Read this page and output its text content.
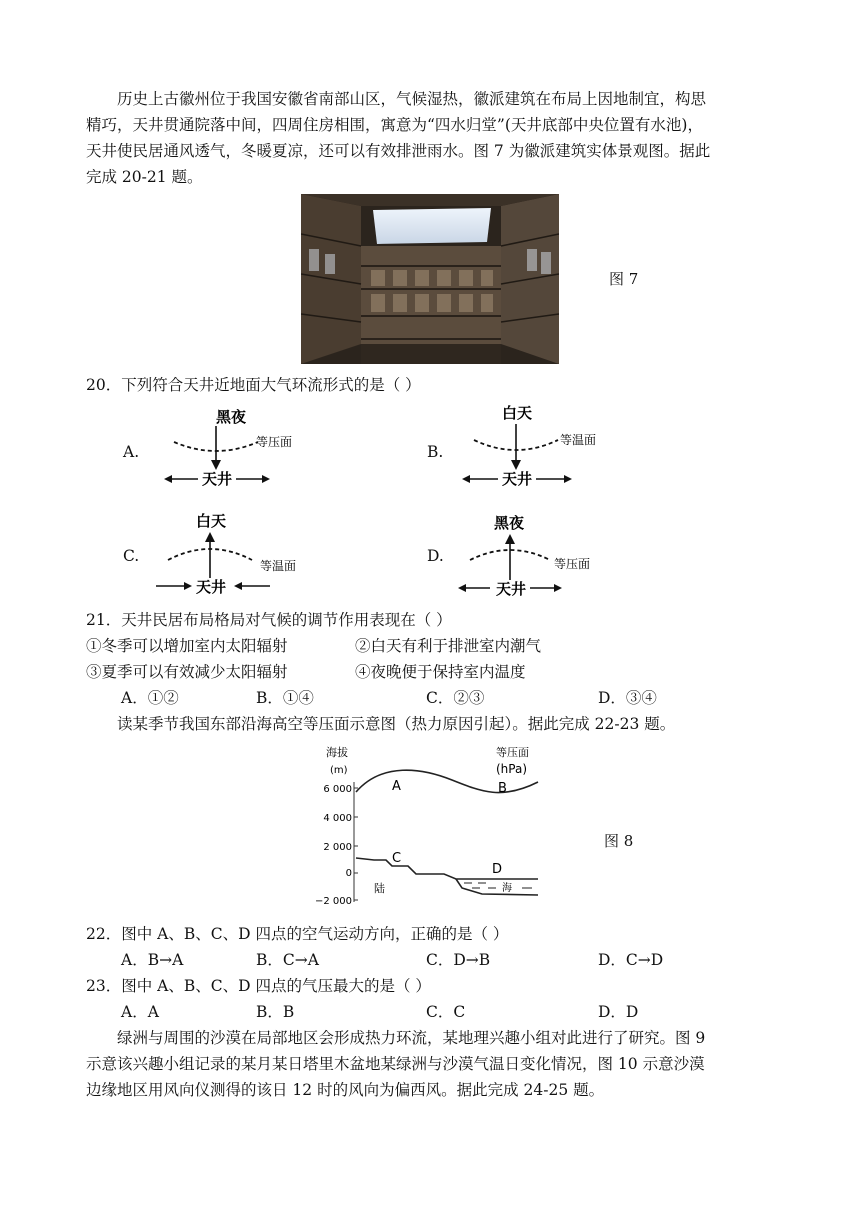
历史上古徽州位于我国安徽省南部山区，气候湿热，徽派建筑在布局上因地制宜，构思
精巧，天井贯通院落中间，四周住房相围，寓意为“四水归堂”(天井底部中央位置有水池)，
天井使民居通风透气，冬暖夏凉，还可以有效排泄雨水。图 7 为徽派建筑实体景观图。据此
完成 20-21 题。
图 7
20．下列符合天井近地面大气环流形式的是（ ）
A.
黑夜
等压面
天井
B.
白天
等温面
天井
C.
白天
等温面
天井
D.
黑夜
等压面
天井
21．天井民居布局格局对气候的调节作用表现在（ ）
①冬季可以增加室内太阳辐射	②白天有利于排泄室内潮气
③夏季可以有效减少太阳辐射	④夜晚便于保持室内温度
A．①②	B．①④	C．②③	D．③④
读某季节我国东部沿海高空等压面示意图（热力原因引起）。据此完成 22-23 题。
海拔
(m)
等压面
(hPa)
6 000
4 000
2 000
0
−2 000
A	B
C
D
陆	海
图 8
22．图中 A、B、C、D 四点的空气运动方向，正确的是（ ）
A．B→A	B．C→A	C．D→B	D．C→D
23．图中 A、B、C、D 四点的气压最大的是（ ）
A．A	B．B	C．C	D．D
绿洲与周围的沙漠在局部地区会形成热力环流，某地理兴趣小组对此进行了研究。图 9
示意该兴趣小组记录的某月某日塔里木盆地某绿洲与沙漠气温日变化情况，图 10 示意沙漠
边缘地区用风向仪测得的该日 12 时的风向为偏西风。据此完成 24-25 题。
